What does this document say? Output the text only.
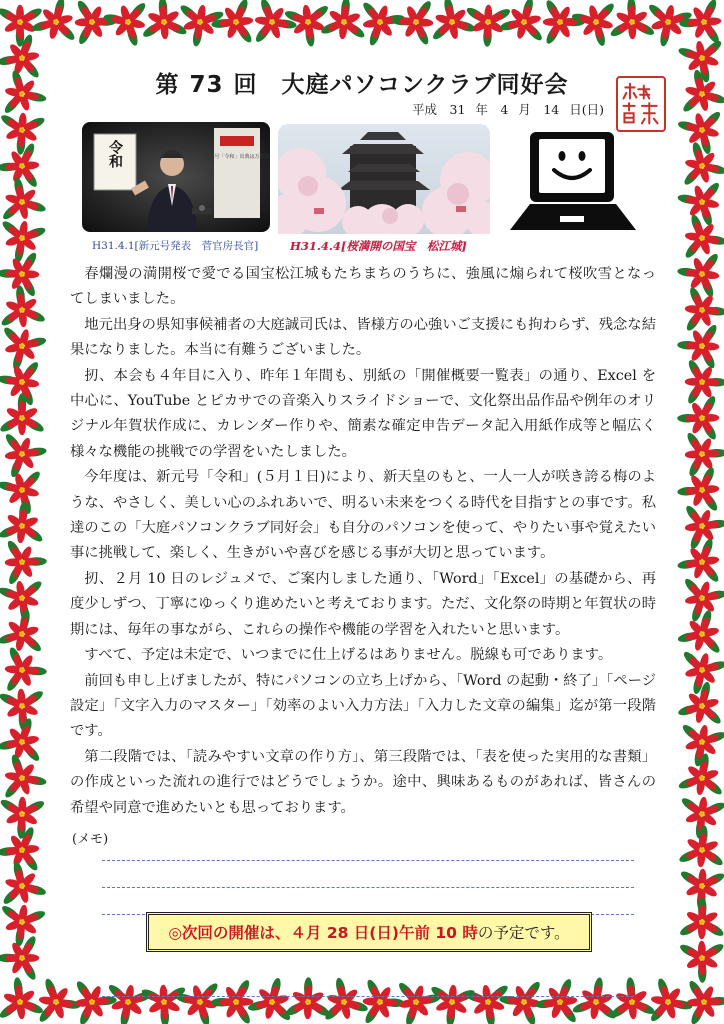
第 73 回　大庭パソコンクラブ同好会
平成　31 年　4 月　14 日(日)
新元号「令和」出典は万葉集
令和
H31.4.1[新元号発表　菅官房長官]	H31.4.4[桜満開の国宝　松江城]

春爛漫の満開桜で愛でる国宝松江城もたちまちのうちに、強風に煽られて桜吹雪となってしまいました。

地元出身の県知事候補者の大庭誠司氏は、皆様方の心強いご支援にも拘わらず、残念な結果になりました。本当に有難うございました。

扨、本会も４年目に入り、昨年１年間も、別紙の「開催概要一覧表」の通り、Excel を中心に、YouTube とピカサでの音楽入りスライドショーで、文化祭出品作品や例年のオリジナル年賀状作成に、カレンダー作りや、簡素な確定申告データ記入用紙作成等と幅広く様々な機能の挑戦での学習をいたしました。

今年度は、新元号「令和」(５月１日)により、新天皇のもと、一人一人が咲き誇る梅のような、やさしく、美しい心のふれあいで、明るい未来をつくる時代を目指すとの事です。私達のこの「大庭パソコンクラブ同好会」も自分のパソコンを使って、やりたい事や覚えたい事に挑戦して、楽しく、生きがいや喜びを感じる事が大切と思っています。

扨、２月 10 日のレジュメで、ご案内しました通り、「Word」「Excel」の基礎から、再度少しずつ、丁寧にゆっくり進めたいと考えております。ただ、文化祭の時期と年賀状の時期には、毎年の事ながら、これらの操作や機能の学習を入れたいと思います。

すべて、予定は未定で、いつまでに仕上げるはありません。脱線も可であります。

前回も申し上げましたが、特にパソコンの立ち上げから、「Word の起動・終了」「ページ設定」「文字入力のマスター」「効率のよい入力方法」「入力した文章の編集」迄が第一段階です。

第二段階では、「読みやすい文章の作り方」、第三段階では、「表を使った実用的な書類」の作成といった流れの進行ではどうでしょうか。途中、興味あるものがあれば、皆さんの希望や同意で進めたいとも思っております。

(メモ)
◎次回の開催は、 ４月 28 日(日)午前 10 時 の予定です。
